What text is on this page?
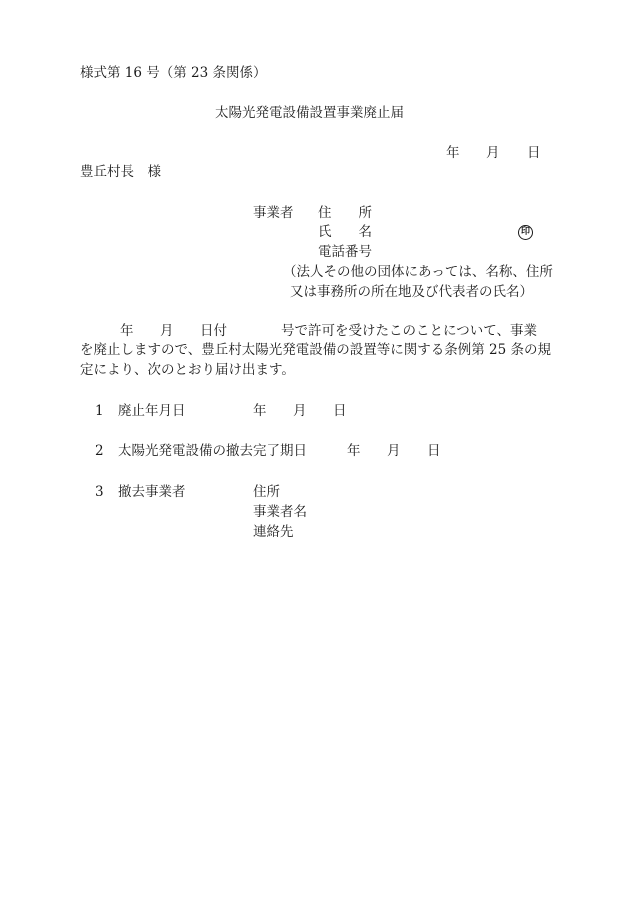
様式第 16 号（第 23 条関係）
太陽光発電設備設置事業廃止届
年 月 日
豊丘村長　様
事業者 住　　所
氏　　名	印
電話番号
（法人その他の団体にあっては、名称、住所
又は事務所の所在地及び代表者の氏名）
年 月 日付	号で許可を受けたこのことについて、事業
を廃止しますので、豊丘村太陽光発電設備の設置等に関する条例第 25 条の規
定により、次のとおり届け出ます。
1 廃止年月日	年 月 日
2 太陽光発電設備の撤去完了期日	年 月 日
3 撤去事業者	住所
事業者名
連絡先
